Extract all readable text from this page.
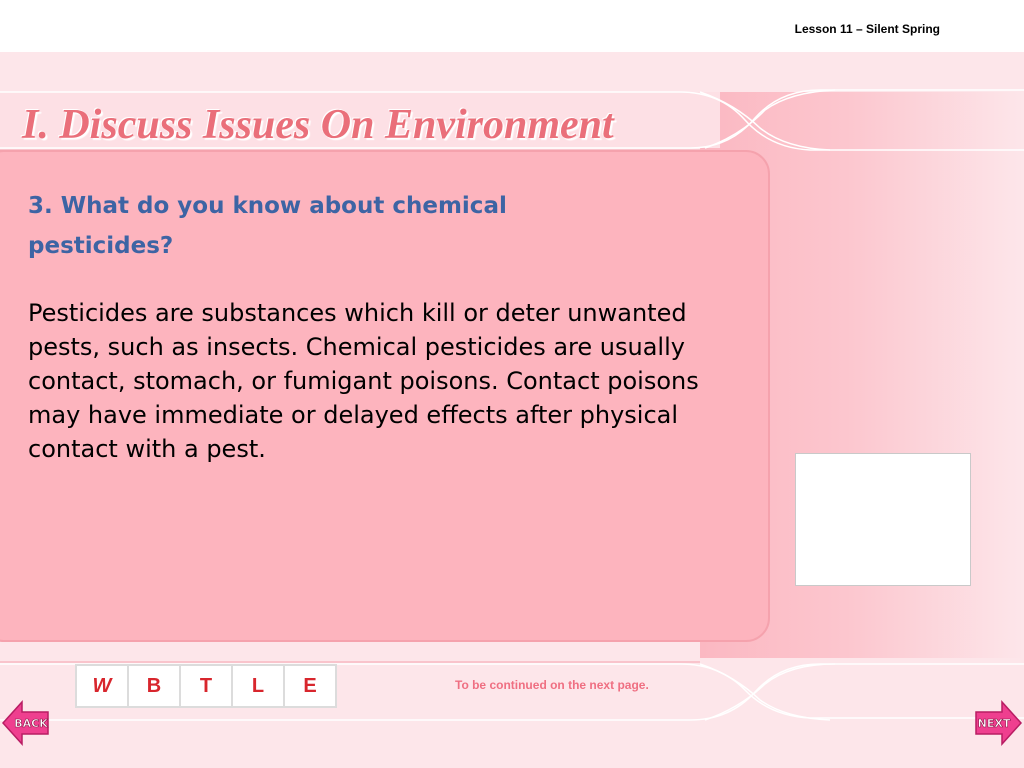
Lesson 11 – Silent Spring
I. Discuss Issues On Environment

3. What do you know about chemical pesticides?

Pesticides are substances which kill or deter unwanted pests, such as insects. Chemical pesticides are usually contact, stomach, or fumigant poisons. Contact poisons may have immediate or delayed effects after physical contact with a pest.

W	B	T	L	E	To be continued on the next page.
BACK	NEXT
